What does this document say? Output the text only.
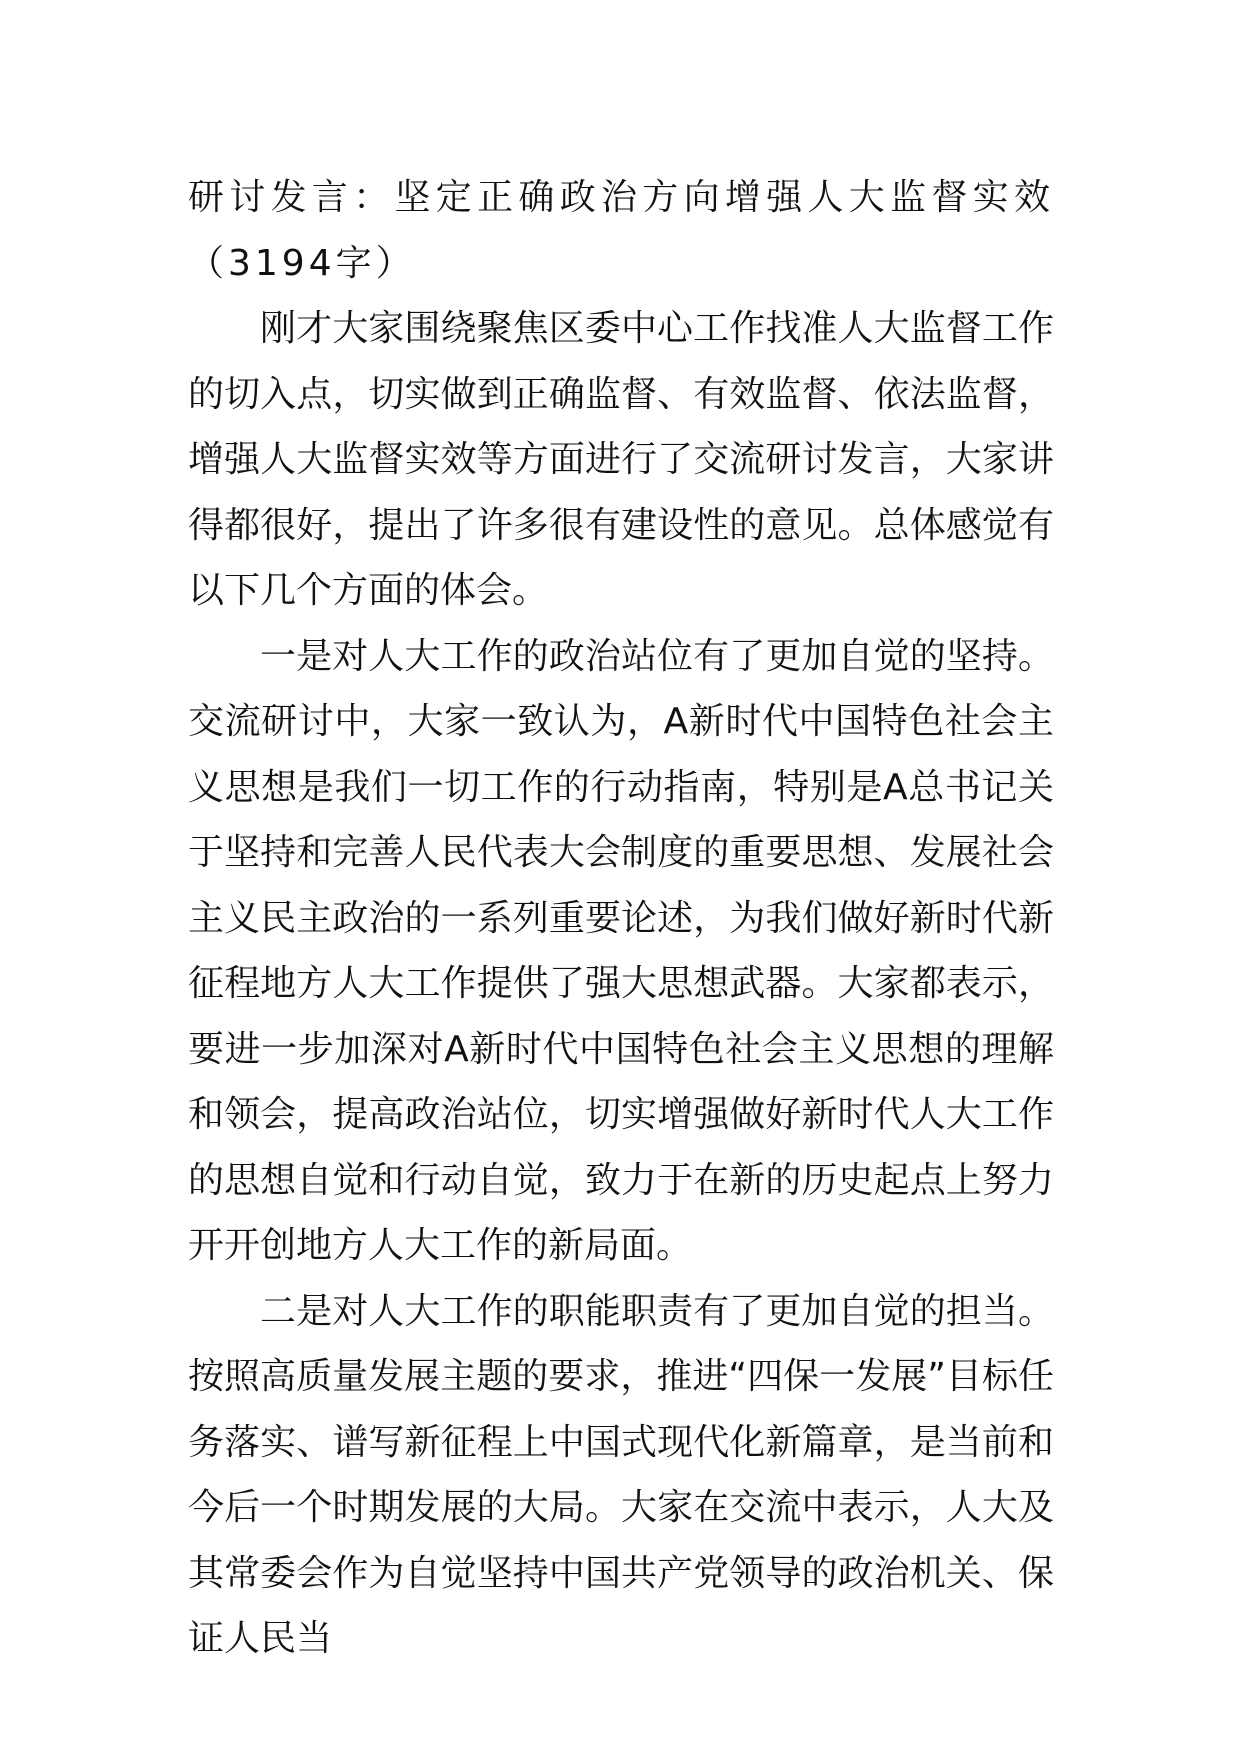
研讨发言：坚定正确政治方向增强人大监督实效（3194字）

刚才大家围绕聚焦区委中心工作找准人大监督工作的切入点，切实做到正确监督、有效监督、依法监督，增强人大监督实效等方面进行了交流研讨发言，大家讲得都很好，提出了许多很有建设性的意见。总体感觉有以下几个方面的体会。

一是对人大工作的政治站位有了更加自觉的坚持。交流研讨中，大家一致认为，A新时代中国特色社会主义思想是我们一切工作的行动指南，特别是A总书记关于坚持和完善人民代表大会制度的重要思想、发展社会主义民主政治的一系列重要论述，为我们做好新时代新征程地方人大工作提供了强大思想武器。大家都表示，要进一步加深对A新时代中国特色社会主义思想的理解和领会，提高政治站位，切实增强做好新时代人大工作的思想自觉和行动自觉，致力于在新的历史起点上努力开开创地方人大工作的新局面。

二是对人大工作的职能职责有了更加自觉的担当。按照高质量发展主题的要求，推进“四保一发展”目标任务落实、谱写新征程上中国式现代化新篇章，是当前和今后一个时期发展的大局。大家在交流中表示，人大及其常委会作为自觉坚持中国共产党领导的政治机关、保证人民当
